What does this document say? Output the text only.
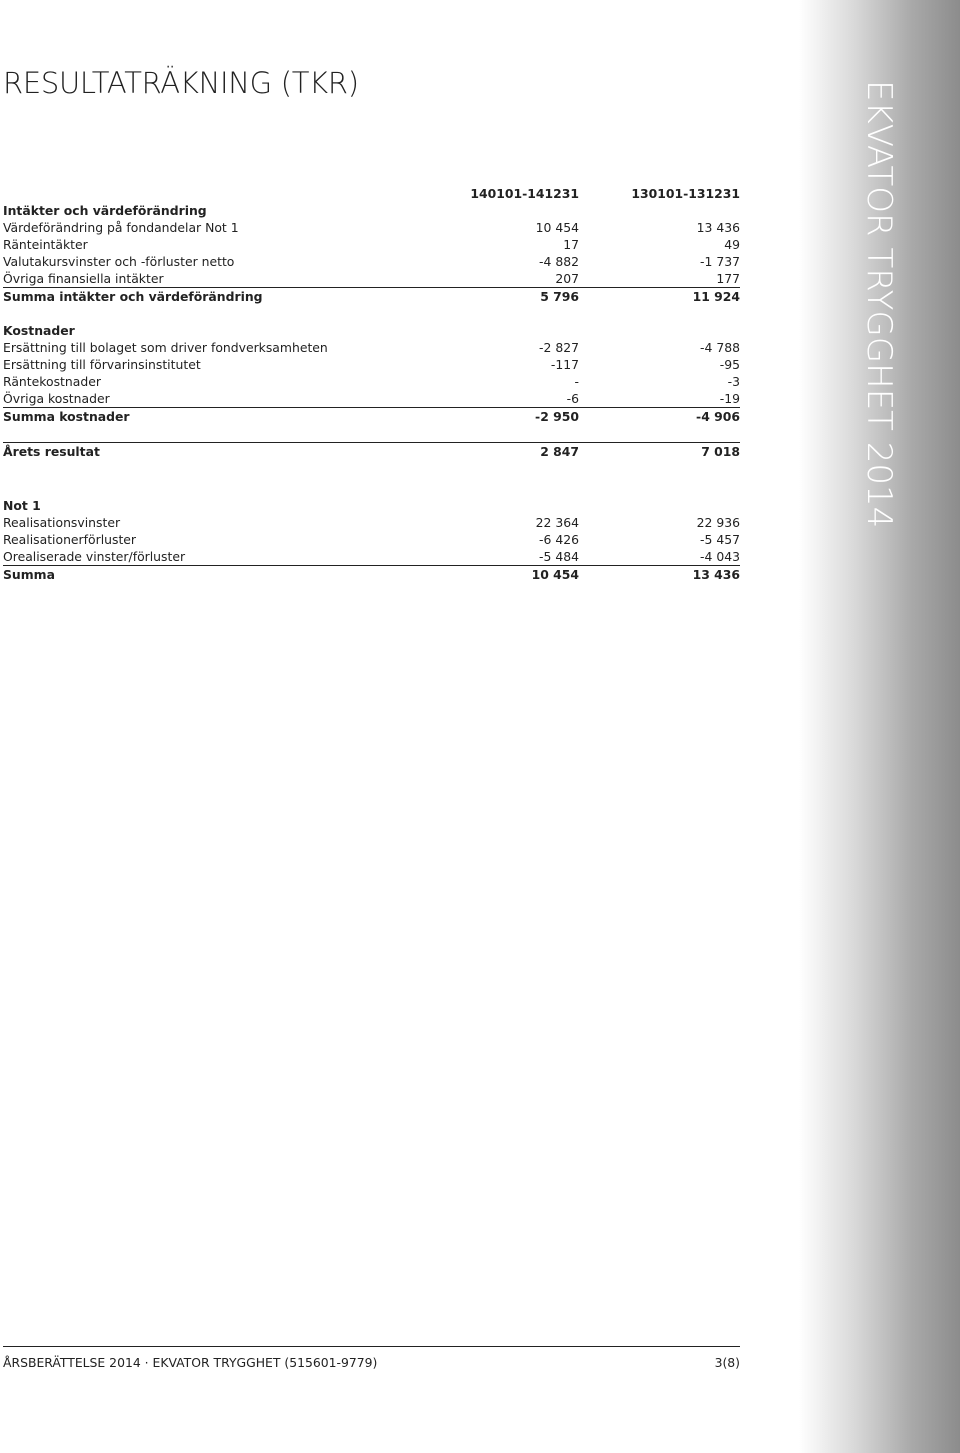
EKVATOR TRYGGHET 2014
RESULTATRÄKNING (TKR)
140101-141231	130101-131231
Intäkter och värdeförändring
Värdeförändring på fondandelar Not 1	10 454	13 436
Ränteintäkter	17	49
Valutakursvinster och -förluster netto	-4 882	-1 737
Övriga finansiella intäkter	207	177
Summa intäkter och värdeförändring	5 796	11 924
Kostnader
Ersättning till bolaget som driver fondverksamheten	-2 827	-4 788
Ersättning till förvarinsinstitutet	-117	-95
Räntekostnader	-	-3
Övriga kostnader	-6	-19
Summa kostnader	-2 950	-4 906
Årets resultat	2 847	7 018
Not 1
Realisationsvinster	22 364	22 936
Realisationerförluster	-6 426	-5 457
Orealiserade vinster/förluster	-5 484	-4 043
Summa	10 454	13 436
ÅRSBERÄTTELSE 2014 · EKVATOR TRYGGHET (515601-9779)	3(8)
